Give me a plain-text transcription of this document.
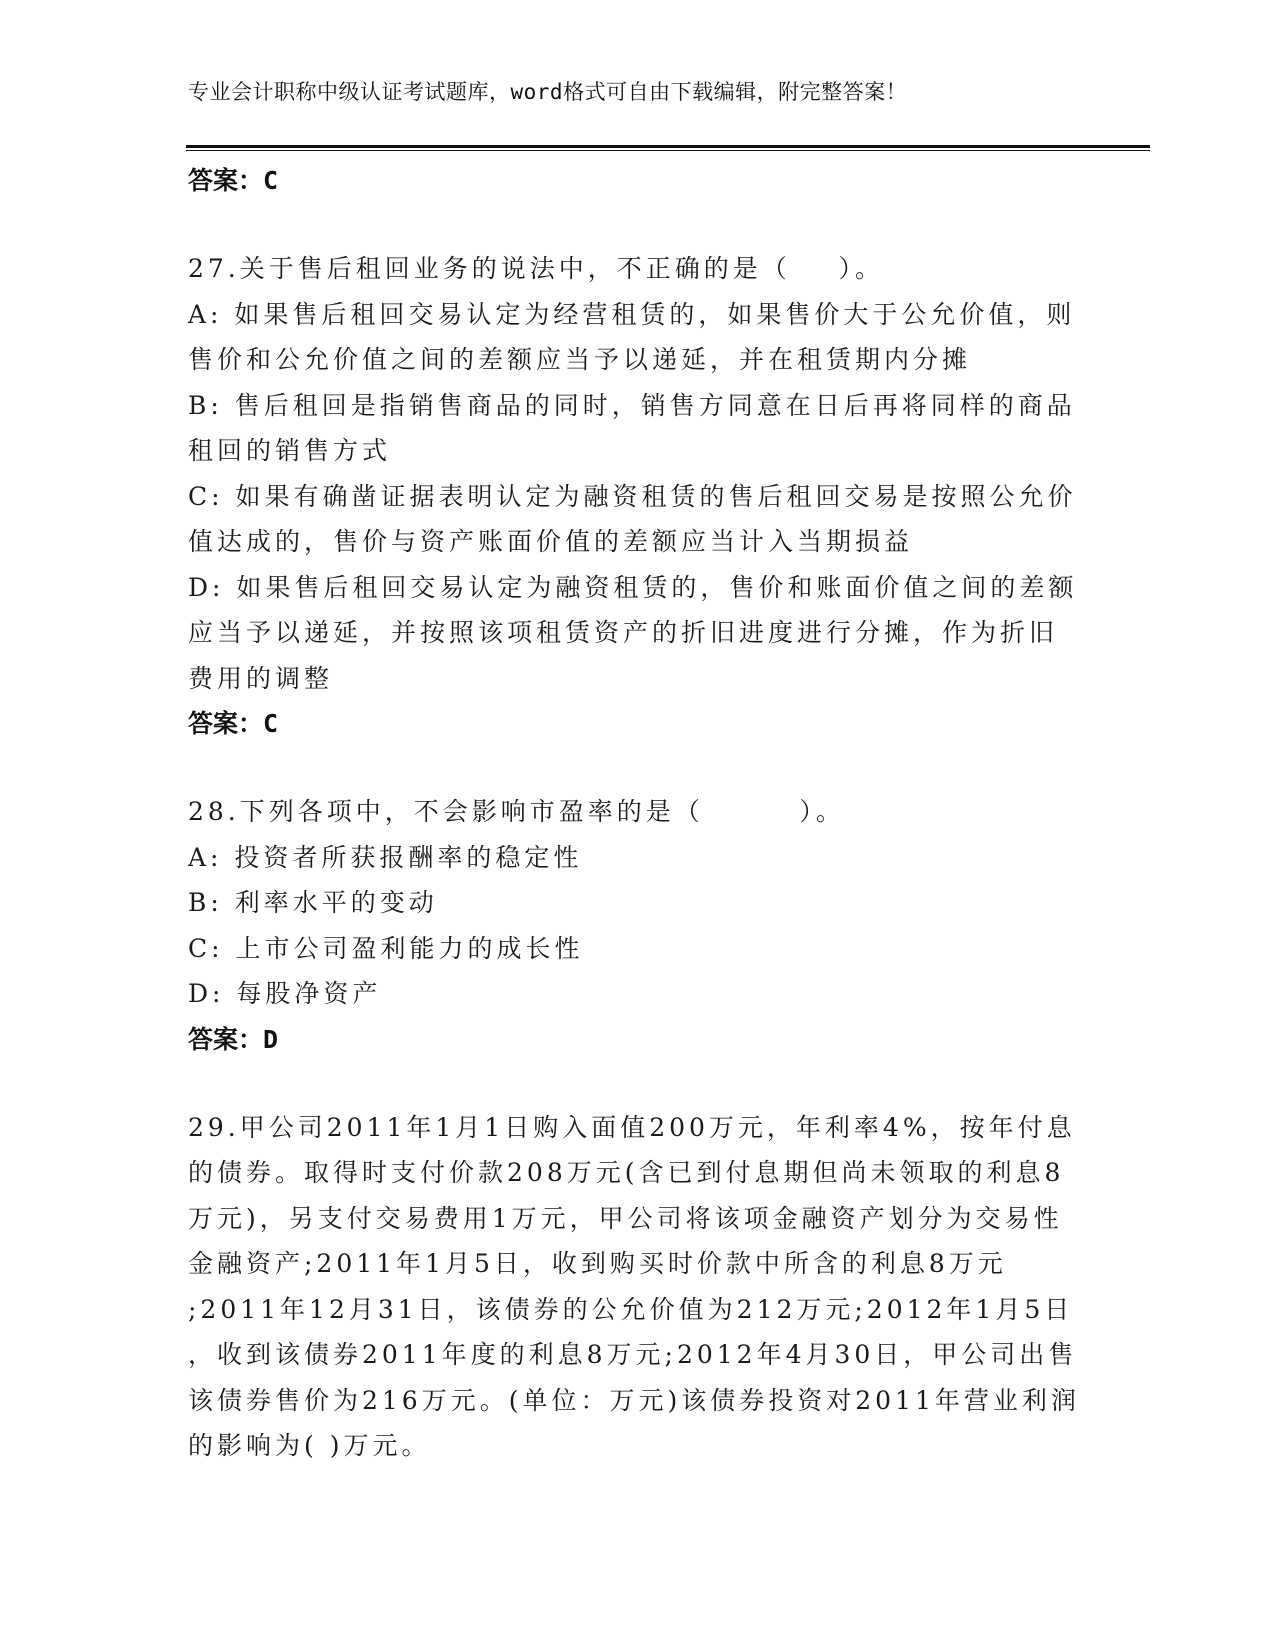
专业会计职称中级认证考试题库，word格式可自由下载编辑，附完整答案！
答案：C
27.关于售后租回业务的说法中，不正确的是（    ）。
A: 如果售后租回交易认定为经营租赁的，如果售价大于公允价值，则
售价和公允价值之间的差额应当予以递延，并在租赁期内分摊
B: 售后租回是指销售商品的同时，销售方同意在日后再将同样的商品
租回的销售方式
C: 如果有确凿证据表明认定为融资租赁的售后租回交易是按照公允价
值达成的，售价与资产账面价值的差额应当计入当期损益
D: 如果售后租回交易认定为融资租赁的，售价和账面价值之间的差额
应当予以递延，并按照该项租赁资产的折旧进度进行分摊，作为折旧
费用的调整
答案：C
28.下列各项中，不会影响市盈率的是（        ）。
A: 投资者所获报酬率的稳定性
B: 利率水平的变动
C: 上市公司盈利能力的成长性
D: 每股净资产
答案：D
29.甲公司2011年1月1日购入面值200万元，年利率4%，按年付息
的债券。取得时支付价款208万元(含已到付息期但尚未领取的利息8
万元)，另支付交易费用1万元，甲公司将该项金融资产划分为交易性
金融资产;2011年1月5日，收到购买时价款中所含的利息8万元
;2011年12月31日，该债券的公允价值为212万元;2012年1月5日
，收到该债券2011年度的利息8万元;2012年4月30日，甲公司出售
该债券售价为216万元。(单位：万元)该债券投资对2011年营业利润
的影响为( )万元。
